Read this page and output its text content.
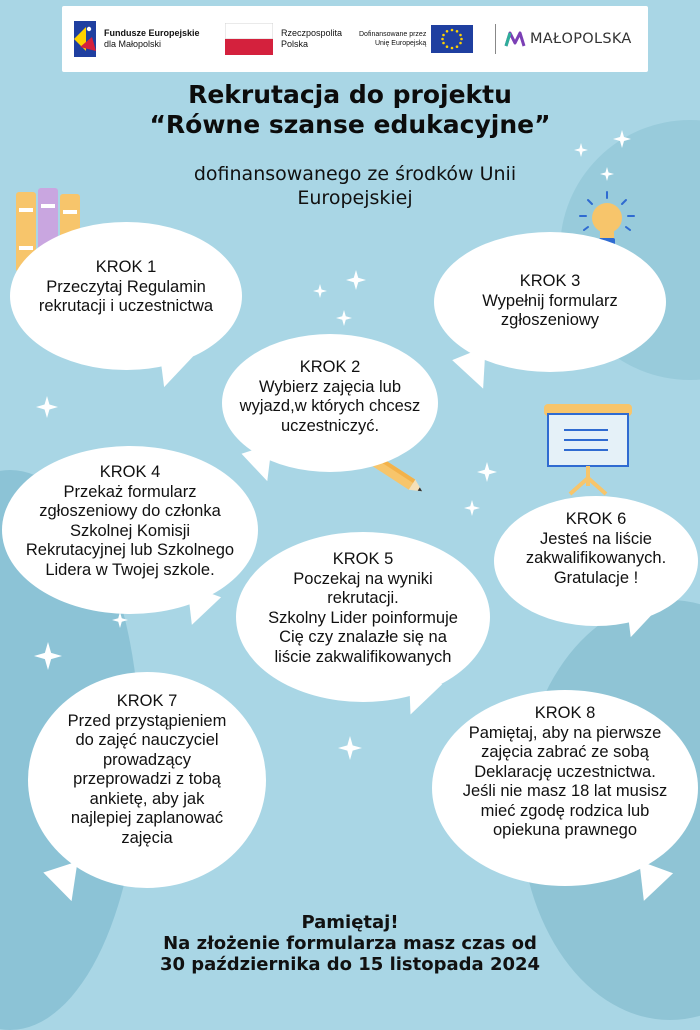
Fundusze Europejskie
dla Małopolski
Rzeczpospolita
Polska
Dofinansowane przez
Unię Europejską	MAŁOPOLSKA
Rekrutacja do projektu
“Równe szanse edukacyjne”
dofinansowanego ze środków Unii
Europejskiej
KROK 1
Przeczytaj Regulamin
rekrutacji i uczestnictwa
KROK 3
Wypełnij formularz
zgłoszeniowy
KROK 2
Wybierz zajęcia lub
wyjazd,w których chcesz
uczestniczyć.
KROK 4
Przekaż formularz
zgłoszeniowy do członka
Szkolnej Komisji
Rekrutacyjnej lub Szkolnego
Lidera w Twojej szkole.
KROK 6
Jesteś na liście
zakwalifikowanych.
Gratulacje !
KROK 5
Poczekaj na wyniki
rekrutacji.
Szkolny Lider poinformuje
Cię czy znalazłe się na
liście zakwalifikowanych
KROK 7
Przed przystąpieniem
do zajęć nauczyciel
prowadzący
przeprowadzi z tobą
ankietę, aby jak
najlepiej zaplanować
zajęcia
KROK 8
Pamiętaj, aby na pierwsze
zajęcia zabrać ze sobą
Deklarację uczestnictwa.
Jeśli nie masz 18 lat musisz
mieć zgodę rodzica lub
opiekuna prawnego
Pamiętaj!
Na złożenie formularza masz czas od
30 października do 15 listopada 2024
